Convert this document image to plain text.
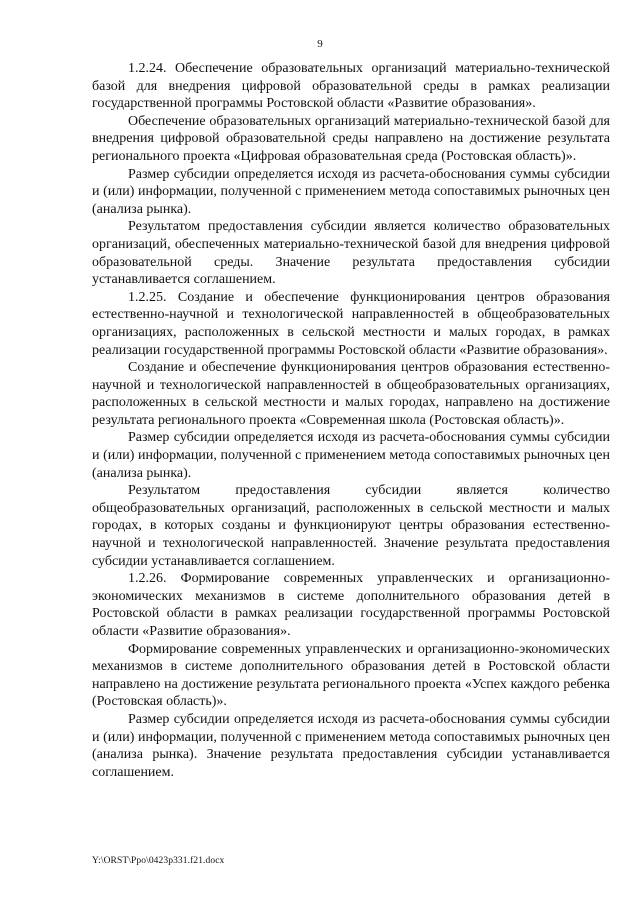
9

1.2.24. Обеспечение образовательных организаций материально-технической базой для внедрения цифровой образовательной среды в рамках реализации государственной программы Ростовской области «Развитие образования».

Обеспечение образовательных организаций материально-технической базой для внедрения цифровой образовательной среды направлено на достижение результата регионального проекта «Цифровая образовательная среда (Ростовская область)».

Размер субсидии определяется исходя из расчета-обоснования суммы субсидии и (или) информации, полученной с применением метода сопоставимых рыночных цен (анализа рынка).

Результатом предоставления субсидии является количество образовательных организаций, обеспеченных материально-технической базой для внедрения цифровой образовательной среды. Значение результата предоставления субсидии устанавливается соглашением.

1.2.25. Создание и обеспечение функционирования центров образования естественно-научной и технологической направленностей в общеобразовательных организациях, расположенных в сельской местности и малых городах, в рамках реализации государственной программы Ростовской области «Развитие образования».

Создание и обеспечение функционирования центров образования естественно-научной и технологической направленностей в общеобразовательных организациях, расположенных в сельской местности и малых городах, направлено на достижение результата регионального проекта «Современная школа (Ростовская область)».

Размер субсидии определяется исходя из расчета-обоснования суммы субсидии и (или) информации, полученной с применением метода сопоставимых рыночных цен (анализа рынка).

Результатом предоставления субсидии является количество общеобразовательных организаций, расположенных в сельской местности и малых городах, в которых созданы и функционируют центры образования естественно-научной и технологической направленностей. Значение результата предоставления субсидии устанавливается соглашением.

1.2.26. Формирование современных управленческих и организационно-экономических механизмов в системе дополнительного образования детей в Ростовской области в рамках реализации государственной программы Ростовской области «Развитие образования».

Формирование современных управленческих и организационно-экономических механизмов в системе дополнительного образования детей в Ростовской области направлено на достижение результата регионального проекта «Успех каждого ребенка (Ростовская область)».

Размер субсидии определяется исходя из расчета-обоснования суммы субсидии и (или) информации, полученной с применением метода сопоставимых рыночных цен (анализа рынка). Значение результата предоставления субсидии устанавливается соглашением.

Y:\ORST\Ppo\0423p331.f21.docx
